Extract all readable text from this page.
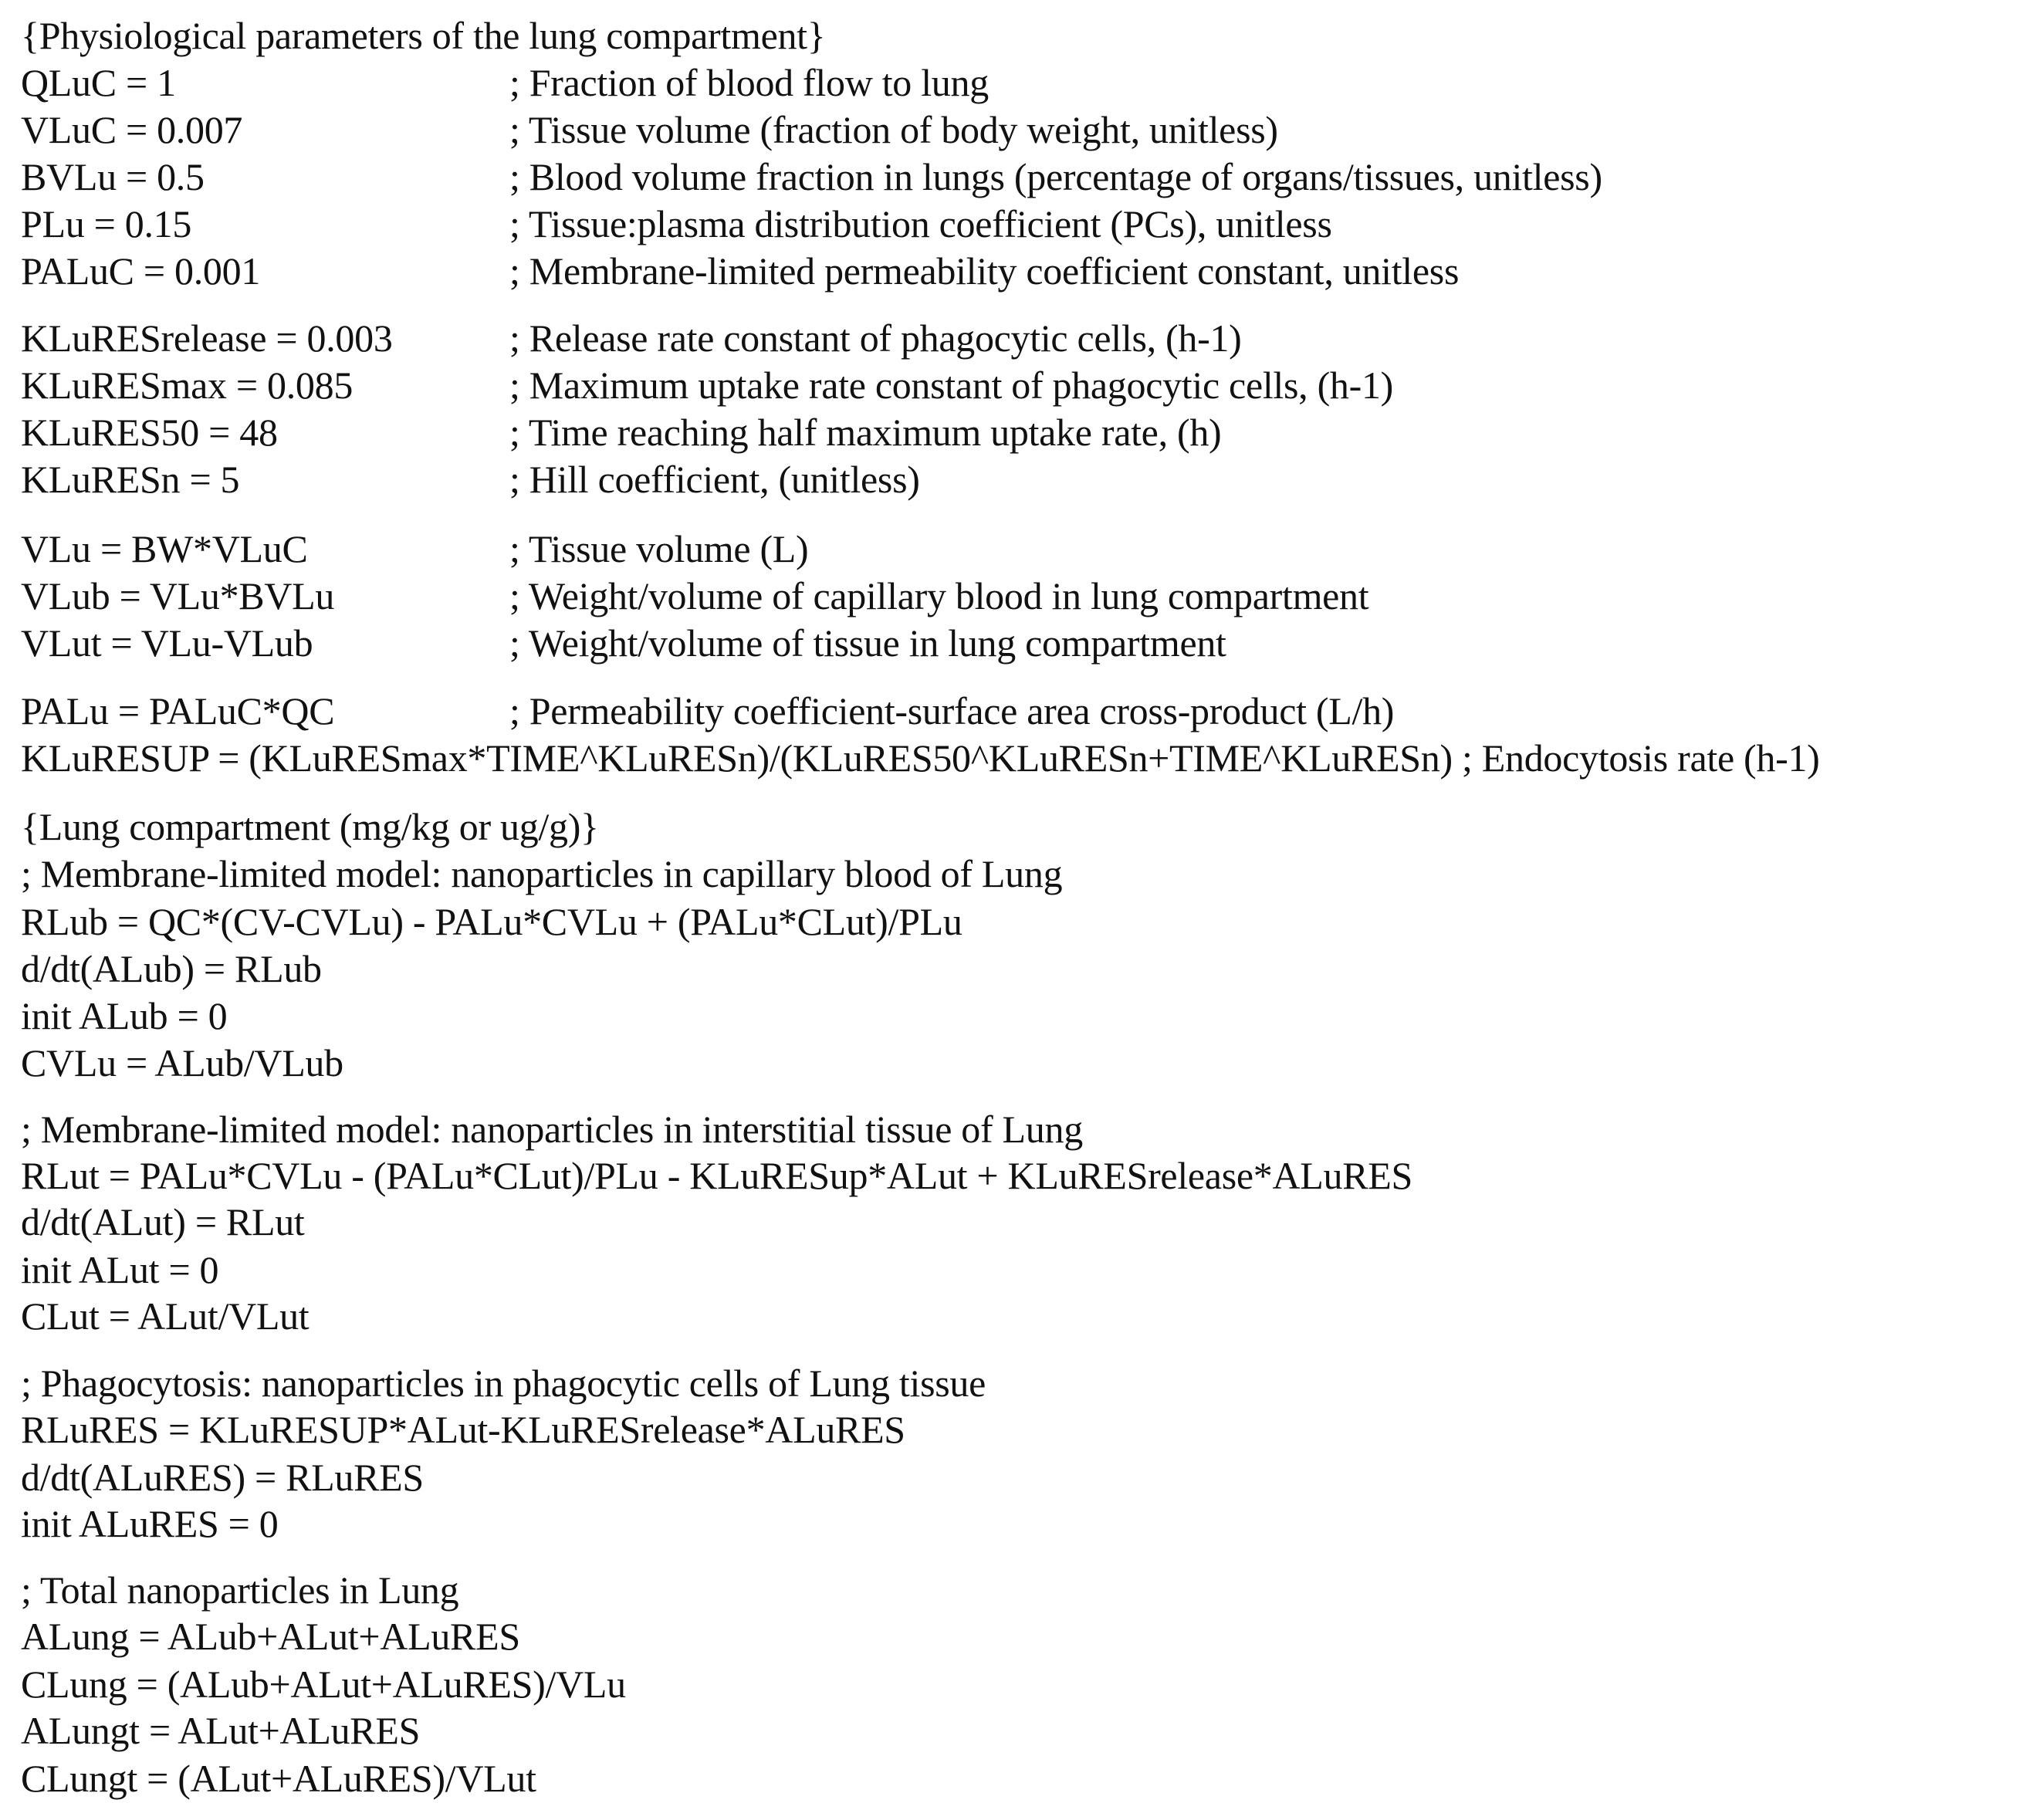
{Physiological parameters of the lung compartment}
QLuC = 1	; Fraction of blood flow to lung
VLuC = 0.007	; Tissue volume (fraction of body weight, unitless)
BVLu = 0.5	; Blood volume fraction in lungs (percentage of organs/tissues, unitless)
PLu = 0.15	; Tissue:plasma distribution coefficient (PCs), unitless
PALuC = 0.001	; Membrane-limited permeability coefficient constant, unitless
KLuRESrelease = 0.003	; Release rate constant of phagocytic cells, (h-1)
KLuRESmax = 0.085	; Maximum uptake rate constant of phagocytic cells, (h-1)
KLuRES50 = 48	; Time reaching half maximum uptake rate, (h)
KLuRESn = 5	; Hill coefficient, (unitless)
VLu = BW*VLuC	; Tissue volume (L)
VLub = VLu*BVLu	; Weight/volume of capillary blood in lung compartment
VLut = VLu-VLub	; Weight/volume of tissue in lung compartment
PALu = PALuC*QC	; Permeability coefficient-surface area cross-product (L/h)
KLuRESUP = (KLuRESmax*TIME^KLuRESn)/(KLuRES50^KLuRESn+TIME^KLuRESn) ; Endocytosis rate (h-1)
{Lung compartment (mg/kg or ug/g)}
; Membrane-limited model: nanoparticles in capillary blood of Lung
RLub = QC*(CV-CVLu) - PALu*CVLu + (PALu*CLut)/PLu
d/dt(ALub) = RLub
init ALub = 0
CVLu = ALub/VLub
; Membrane-limited model: nanoparticles in interstitial tissue of Lung
RLut = PALu*CVLu - (PALu*CLut)/PLu - KLuRESup*ALut + KLuRESrelease*ALuRES
d/dt(ALut) = RLut
init ALut = 0
CLut = ALut/VLut
; Phagocytosis: nanoparticles in phagocytic cells of Lung tissue
RLuRES = KLuRESUP*ALut-KLuRESrelease*ALuRES
d/dt(ALuRES) = RLuRES
init ALuRES = 0
; Total nanoparticles in Lung
ALung = ALub+ALut+ALuRES
CLung = (ALub+ALut+ALuRES)/VLu
ALungt = ALut+ALuRES
CLungt = (ALut+ALuRES)/VLut
